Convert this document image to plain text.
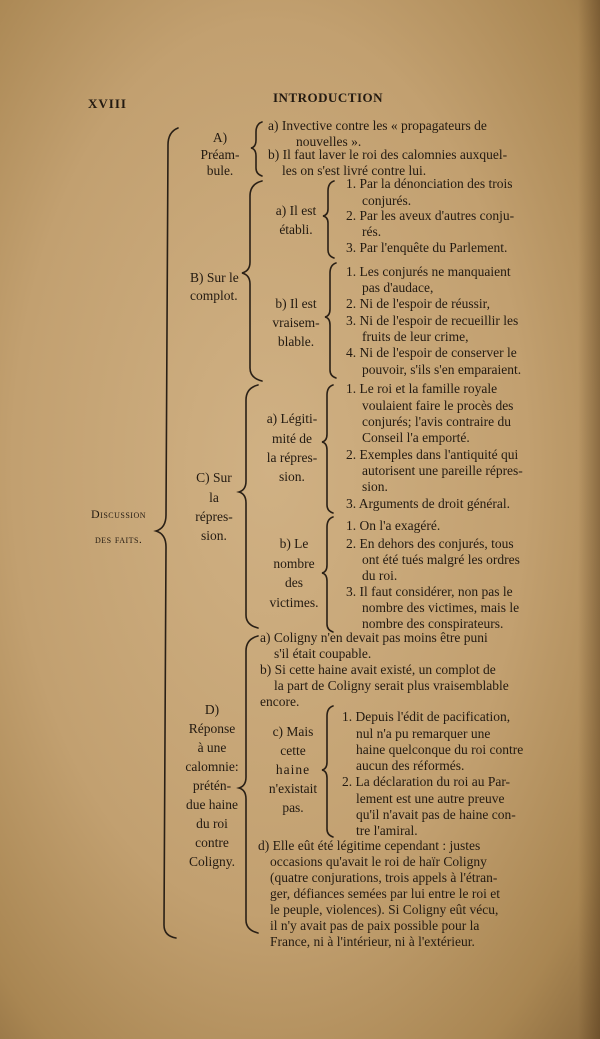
XVIII	INTRODUCTION
Discussion
des faits.
A)
Préam-
bule.
a) Invective contre les « propagateurs de
nouvelles ».
b) Il faut laver le roi des calomnies auxquel-
les on s'est livré contre lui.
B) Sur le
complot.
a) Il est
établi.
1. Par la dénonciation des trois
conjurés.
2. Par les aveux d'autres conju-
rés.
3. Par l'enquête du Parlement.
b) Il est
vraisem-
blable.
1. Les conjurés ne manquaient
pas d'audace,
2. Ni de l'espoir de réussir,
3. Ni de l'espoir de recueillir les
fruits de leur crime,
4. Ni de l'espoir de conserver le
pouvoir, s'ils s'en emparaient.
C) Sur
la
répres-
sion.
a) Légiti-
mité de
la répres-
sion.
1. Le roi et la famille royale
voulaient faire le procès des
conjurés; l'avis contraire du
Conseil l'a emporté.
2. Exemples dans l'antiquité qui
autorisent une pareille répres-
sion.
3. Arguments de droit général.
b) Le
nombre
des
victimes.
1. On l'a exagéré.
2. En dehors des conjurés, tous
ont été tués malgré les ordres
du roi.
3. Il faut considérer, non pas le
nombre des victimes, mais le
nombre des conspirateurs.
D)
Réponse
à une
calomnie:
prétén-
due haine
du roi
contre
Coligny.
a) Coligny n'en devait pas moins être puni
s'il était coupable.
b) Si cette haine avait existé, un complot de
la part de Coligny serait plus vraisemblable
encore.
c) Mais
cette
haine
n'existait
pas.
1. Depuis l'édit de pacification,
nul n'a pu remarquer une
haine quelconque du roi contre
aucun des réformés.
2. La déclaration du roi au Par-
lement est une autre preuve
qu'il n'avait pas de haine con-
tre l'amiral.
d) Elle eût été légitime cependant : justes
occasions qu'avait le roi de haïr Coligny
(quatre conjurations, trois appels à l'étran-
ger, défiances semées par lui entre le roi et
le peuple, violences). Si Coligny eût vécu,
il n'y avait pas de paix possible pour la
France, ni à l'intérieur, ni à l'extérieur.
